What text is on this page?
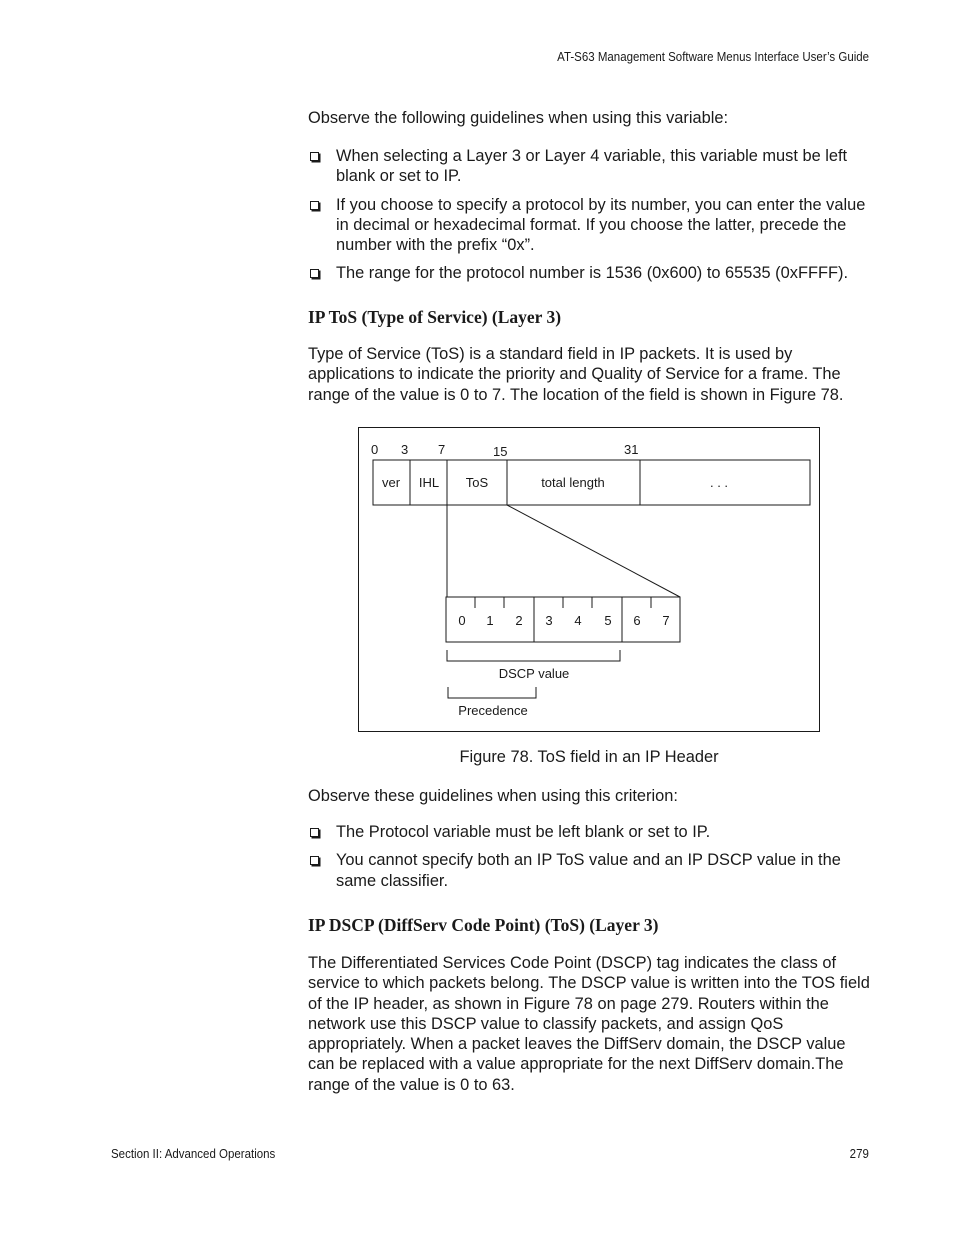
AT-S63 Management Software Menus Interface User’s Guide

Observe the following guidelines when using this variable:

When selecting a Layer 3 or Layer 4 variable, this variable must be left blank or set to IP.
If you choose to specify a protocol by its number, you can enter the value in decimal or hexadecimal format. If you choose the latter, precede the number with the prefix “0x”.
The range for the protocol number is 1536 (0x600) to 65535 (0xFFFF).
IP ToS (Type of Service) (Layer 3)

Type of Service (ToS) is a standard field in IP packets. It is used by applications to indicate the priority and Quality of Service for a frame. The range of the value is 0 to 7. The location of the field is shown in Figure 78.

0 3 7	15	31
ver IHL ToS	total length	. . .
0 1 2 3 4 5 6 7
DSCP value
Precedence
Figure 78. ToS field in an IP Header

Observe these guidelines when using this criterion:

The Protocol variable must be left blank or set to IP.
You cannot specify both an IP ToS value and an IP DSCP value in the same classifier.
IP DSCP (DiffServ Code Point) (ToS) (Layer 3)

The Differentiated Services Code Point (DSCP) tag indicates the class of service to which packets belong. The DSCP value is written into the TOS field of the IP header, as shown in Figure 78 on page 279. Routers within the network use this DSCP value to classify packets, and assign QoS appropriately. When a packet leaves the DiffServ domain, the DSCP value can be replaced with a value appropriate for the next DiffServ domain.The range of the value is 0 to 63.

Section II: Advanced Operations	279
